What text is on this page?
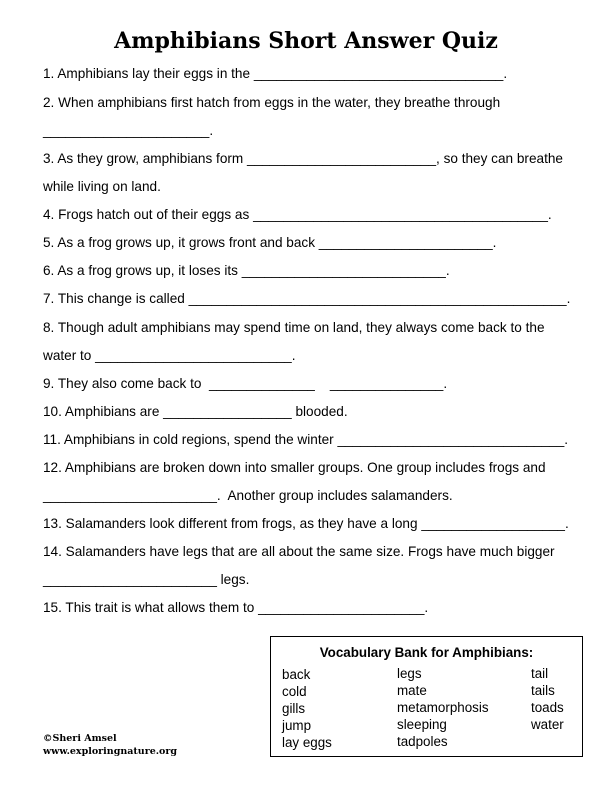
Amphibians Short Answer Quiz
1. Amphibians lay their eggs in the _________________________________.
2. When amphibians first hatch from eggs in the water, they breathe through
______________________.
3. As they grow, amphibians form _________________________, so they can breathe
while living on land.
4. Frogs hatch out of their eggs as _______________________________________.
5. As a frog grows up, it grows front and back _______________________.
6. As a frog grows up, it loses its ___________________________.
7. This change is called __________________________________________________.
8. Though adult amphibians may spend time on land, they always come back to the
water to __________________________.
9. They also come back to  ______________    _______________.
10. Amphibians are _________________ blooded.
11. Amphibians in cold regions, spend the winter ______________________________.
12. Amphibians are broken down into smaller groups. One group includes frogs and
_______________________.  Another group includes salamanders.
13. Salamanders look different from frogs, as they have a long ___________________.
14. Salamanders have legs that are all about the same size. Frogs have much bigger
_______________________ legs.
15. This trait is what allows them to ______________________.
Vocabulary Bank for Amphibians:
back
cold
gills
jump
lay eggs
legs
mate
metamorphosis
sleeping
tadpoles
tail
tails
toads
water
©Sheri Amsel
www.exploringnature.org
